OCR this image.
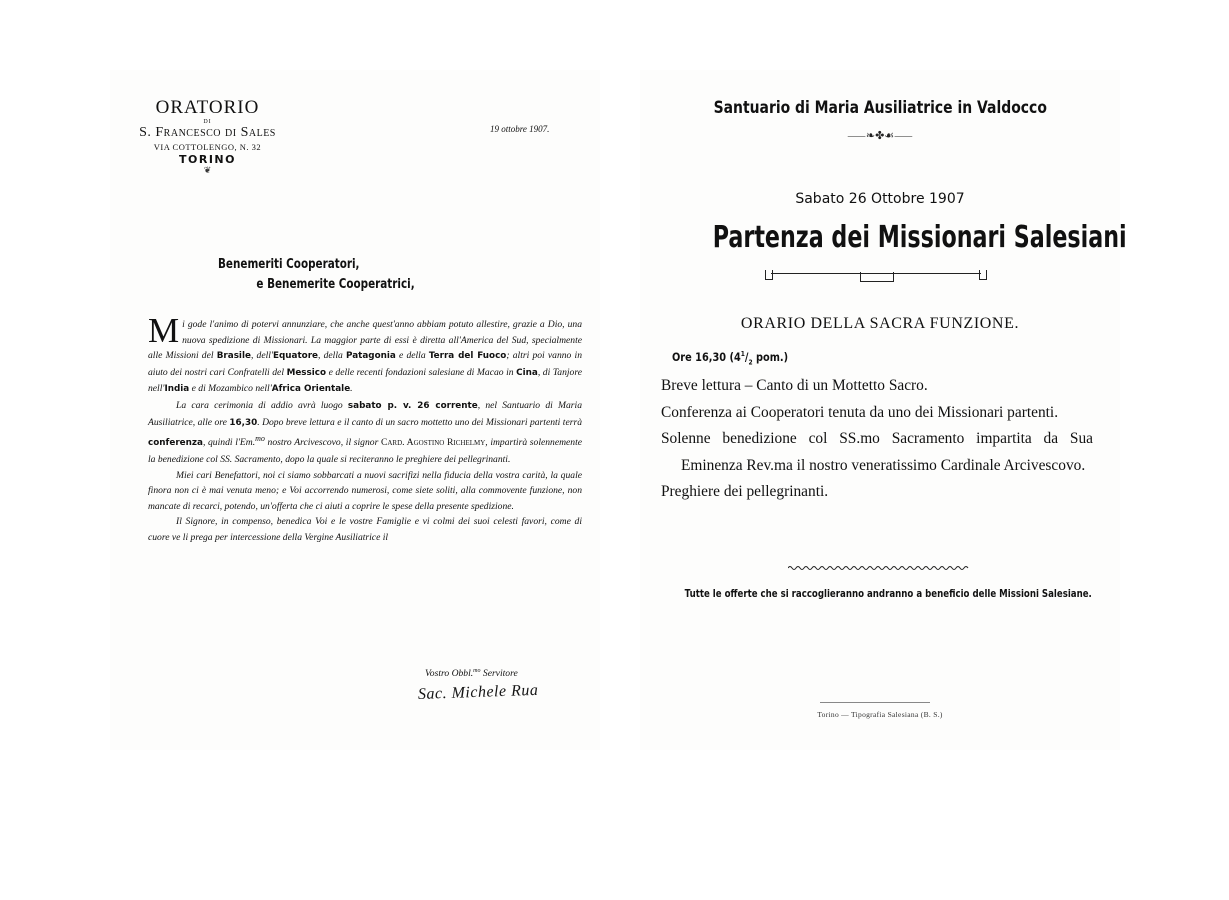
ORATORIO
DI
S. Francesco di Sales
VIA COTTOLENGO, N. 32
TORINO
❦
19 ottobre 1907.
Benemeriti Cooperatori,
e Benemerite Cooperatrici,

Mi gode l'animo di potervi annunziare, che anche quest'anno abbiam potuto allestire, grazie a Dio, una nuova spedizione di Missionari. La maggior parte di essi è diretta all'America del Sud, specialmente alle Missioni del Brasile, dell'Equatore, della Patagonia e della Terra del Fuoco; altri poi vanno in aiuto dei nostri cari Confratelli del Messico e delle recenti fondazioni salesiane di Macao in Cina, di Tanjore nell'India e di Mozambico nell'Africa Orientale.

La cara cerimonia di addio avrà luogo sabato p. v. 26 corrente, nel Santuario di Maria Ausiliatrice, alle ore 16,30. Dopo breve lettura e il canto di un sacro mottetto uno dei Missionari partenti terrà conferenza, quindi l'Em.$^{mo}$ nostro Arcivescovo, il signor Card. Agostino Richelmy, impartirà solennemente la benedizione col SS. Sacramento, dopo la quale si reciteranno le preghiere dei pellegrinanti.

Miei cari Benefattori, noi ci siamo sobbarcati a nuovi sacrifizi nella fiducia della vostra carità, la quale finora non ci è mai venuta meno; e Voi accorrendo numerosi, come siete soliti, alla commovente funzione, non mancate di recarci, potendo, un'offerta che ci aiuti a coprire le spese della presente spedizione.

Il Signore, in compenso, benedica Voi e le vostre Famiglie e vi colmi dei suoi celesti favori, come di cuore ve li prega per intercessione della Vergine Ausiliatrice il

Vostro Obbl.$^{mo}$ Servitore
Sac. Michele Rua
Santuario di Maria Ausiliatrice in Valdocco
⸺❧✤☙⸺
Sabato 26 Ottobre 1907
Partenza dei Missionari Salesiani
ORARIO DELLA SACRA FUNZIONE.
Ore 16,30 ($4^1/_2$ pom.)
Breve lettura – Canto di un Mottetto Sacro.
Conferenza ai Cooperatori tenuta da uno dei Missionari partenti.
Solenne benedizione col SS.mo Sacramento impartita da Sua Eminenza Rev.ma il nostro veneratissimo Cardinale Arcivescovo.
Preghiere dei pellegrinanti.
Tutte le offerte che si raccoglieranno andranno a beneficio delle Missioni Salesiane.
Torino — Tipografia Salesiana (B. S.)
